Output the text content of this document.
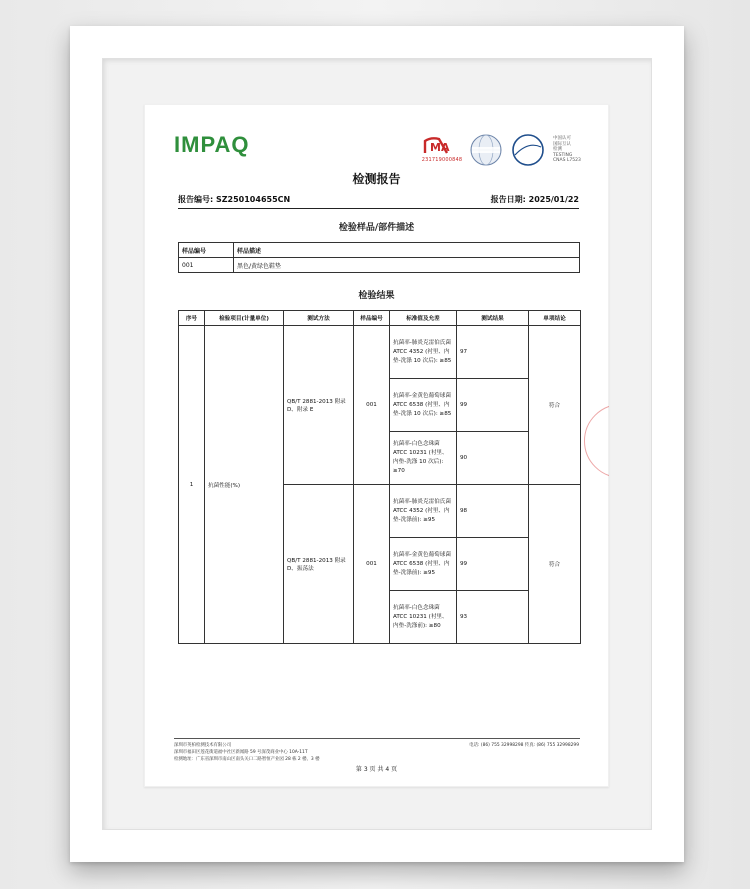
IMPAQ	MA
231719000848
中国认可
国际互认
检测
TESTING
CNAS L7523
检测报告
报告编号: SZ250104655CN	报告日期: 2025/01/22
检验样品/部件描述
样品编号	样品描述
001	黑色/黄绿色鞋垫
检验结果
序号	检验项目(计量单位)	测试方法	样品编号	标准值及允差	测试结果	单项结论
1	抗菌性能(%)	QB/T 2881-2013 附录 D、附录 E	001	抗菌率-肺炎克雷伯氏菌 ATCC 4352 (衬里、内垫-洗涤 10 次后): ≥85	97	符合
				抗菌率-金黄色葡萄球菌 ATCC 6538 (衬里、内垫-洗涤 10 次后): ≥85	99	
				抗菌率-白色念珠菌 ATCC 10231 (衬里、内垫-洗涤 10 次后): ≥70	90	
		QB/T 2881-2013 附录 D、振荡法	001	抗菌率-肺炎克雷伯氏菌 ATCC 4352 (衬里、内垫-洗涤前): ≥95	98	符合
				抗菌率-金黄色葡萄球菌 ATCC 6538 (衬里、内垫-洗涤前): ≥95	99	
				抗菌率-白色念珠菌 ATCC 10231 (衬里、内垫-洗涤前): ≥80	93	
深圳市英柏检测技术有限公司
深圳市福田区莲花街道福中社区新闻路 59 号深茂商业中心 10A-11T
检测地址：广东省深圳市南山区南头关口二路智恒产业园 28 栋 2 楼、3 楼
电话: (86) 755 32998298 传真: (86) 755 32998299
第 3 页 共 4 页
